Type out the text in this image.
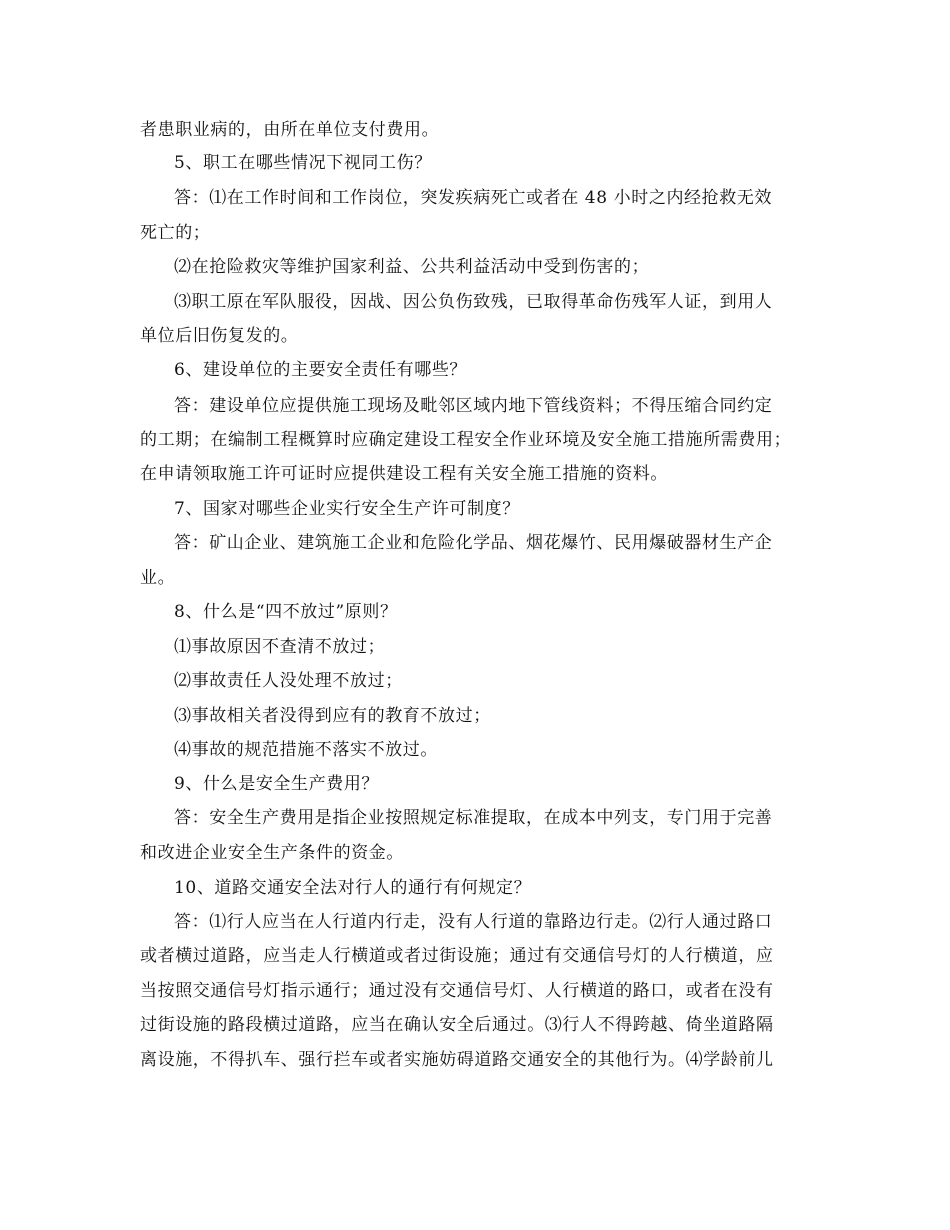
者患职业病的，由所在单位支付费用。
5、职工在哪些情况下视同工伤？
答：⑴在工作时间和工作岗位，突发疾病死亡或者在 48 小时之内经抢救无效
死亡的；
⑵在抢险救灾等维护国家利益、公共利益活动中受到伤害的；
⑶职工原在军队服役，因战、因公负伤致残，已取得革命伤残军人证，到用人
单位后旧伤复发的。
6、建设单位的主要安全责任有哪些？
答：建设单位应提供施工现场及毗邻区域内地下管线资料；不得压缩合同约定
的工期；在编制工程概算时应确定建设工程安全作业环境及安全施工措施所需费用；
在申请领取施工许可证时应提供建设工程有关安全施工措施的资料。
7、国家对哪些企业实行安全生产许可制度？
答：矿山企业、建筑施工企业和危险化学品、烟花爆竹、民用爆破器材生产企
业。
8、什么是“四不放过”原则？
⑴事故原因不查清不放过；
⑵事故责任人没处理不放过；
⑶事故相关者没得到应有的教育不放过；
⑷事故的规范措施不落实不放过。
9、什么是安全生产费用？
答：安全生产费用是指企业按照规定标准提取，在成本中列支，专门用于完善
和改进企业安全生产条件的资金。
10、道路交通安全法对行人的通行有何规定？
答：⑴行人应当在人行道内行走，没有人行道的靠路边行走。⑵行人通过路口
或者横过道路，应当走人行横道或者过街设施；通过有交通信号灯的人行横道，应
当按照交通信号灯指示通行；通过没有交通信号灯、人行横道的路口，或者在没有
过街设施的路段横过道路，应当在确认安全后通过。⑶行人不得跨越、倚坐道路隔
离设施，不得扒车、强行拦车或者实施妨碍道路交通安全的其他行为。⑷学龄前儿
